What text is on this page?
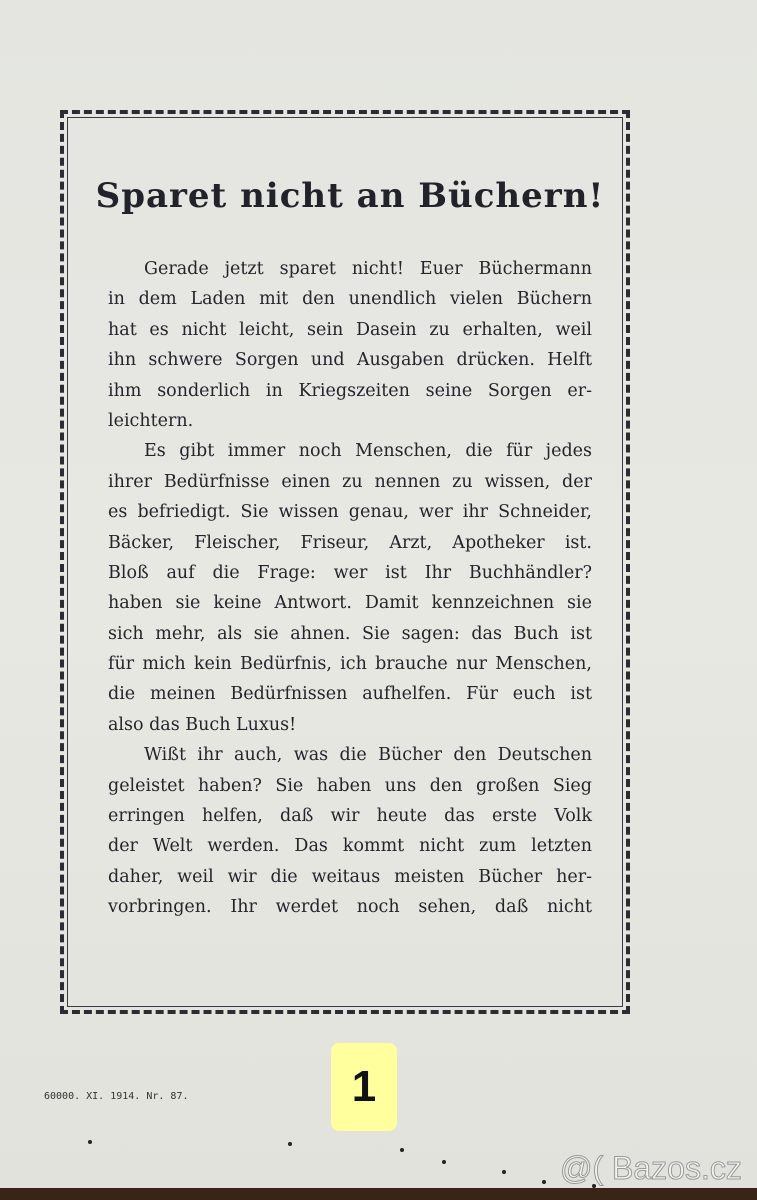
Sparet nicht an Büchern!
Gerade jetzt sparet nicht! Euer Büchermann
in dem Laden mit den unendlich vielen Büchern
hat es nicht leicht, sein Dasein zu erhalten, weil
ihn schwere Sorgen und Ausgaben drücken. Helft
ihm sonderlich in Kriegszeiten seine Sorgen er-
leichtern.
Es gibt immer noch Menschen, die für jedes
ihrer Bedürfnisse einen zu nennen zu wissen, der
es befriedigt. Sie wissen genau, wer ihr Schneider,
Bäcker, Fleischer, Friseur, Arzt, Apotheker ist.
Bloß auf die Frage: wer ist Ihr Buchhändler?
haben sie keine Antwort. Damit kennzeichnen sie
sich mehr, als sie ahnen. Sie sagen: das Buch ist
für mich kein Bedürfnis, ich brauche nur Menschen,
die meinen Bedürfnissen aufhelfen. Für euch ist
also das Buch Luxus!
Wißt ihr auch, was die Bücher den Deutschen
geleistet haben? Sie haben uns den großen Sieg
erringen helfen, daß wir heute das erste Volk
der Welt werden. Das kommt nicht zum letzten
daher, weil wir die weitaus meisten Bücher her-
vorbringen. Ihr werdet noch sehen, daß nicht
60000. XI. 1914. Nr. 87.	1
@( Bazos.cz
